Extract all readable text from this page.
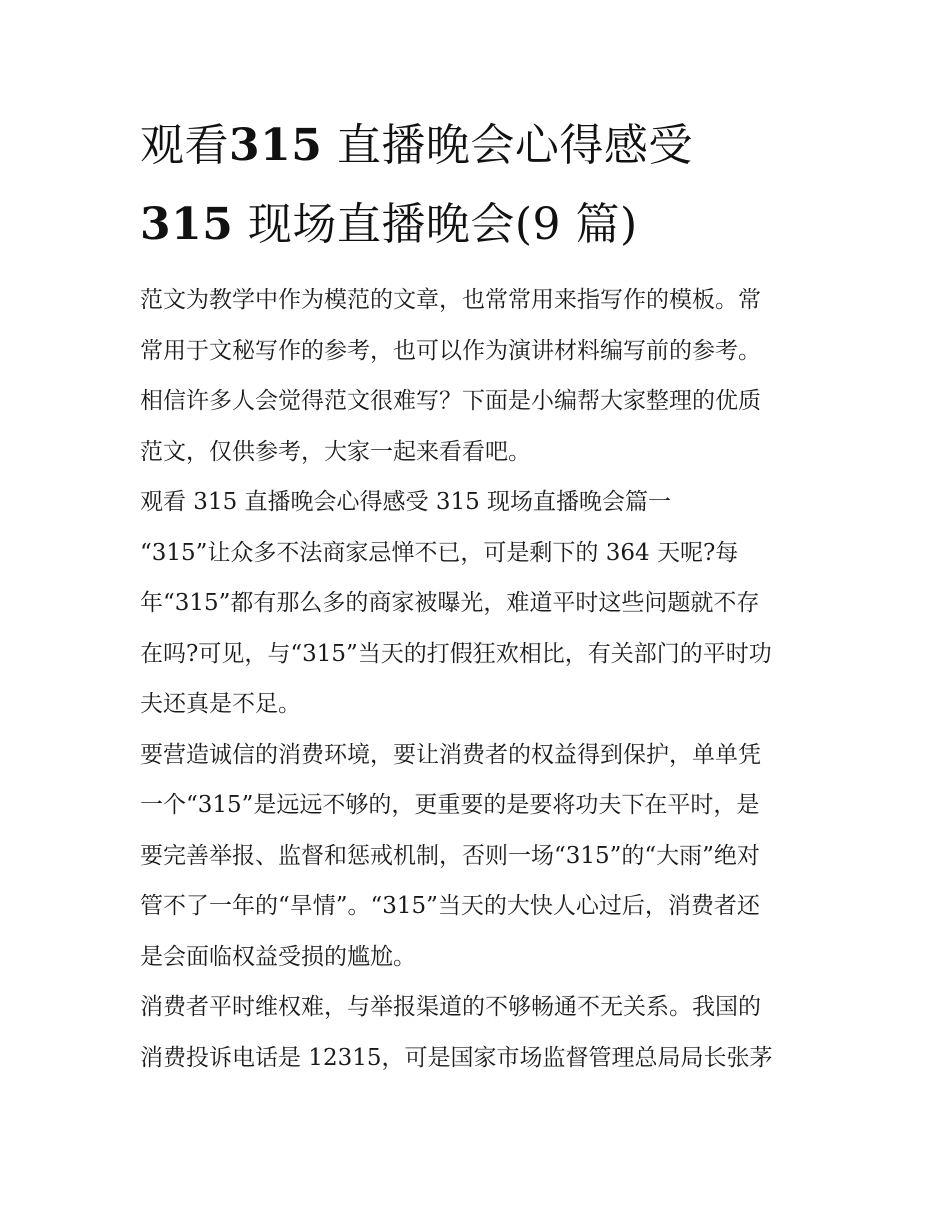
观看315 直播晚会心得感受
315 现场直播晚会(9 篇)
范文为教学中作为模范的文章，也常常用来指写作的模板。常
常用于文秘写作的参考，也可以作为演讲材料编写前的参考。
相信许多人会觉得范文很难写？下面是小编帮大家整理的优质
范文，仅供参考，大家一起来看看吧。
观看 315 直播晚会心得感受 315 现场直播晚会篇一
“315”让众多不法商家忌惮不已，可是剩下的 364 天呢?每
年“315”都有那么多的商家被曝光，难道平时这些问题就不存
在吗?可见，与“315”当天的打假狂欢相比，有关部门的平时功
夫还真是不足。
要营造诚信的消费环境，要让消费者的权益得到保护，单单凭
一个“315”是远远不够的，更重要的是要将功夫下在平时，是
要完善举报、监督和惩戒机制，否则一场“315”的“大雨”绝对
管不了一年的“旱情”。“315”当天的大快人心过后，消费者还
是会面临权益受损的尴尬。
消费者平时维权难，与举报渠道的不够畅通不无关系。我国的
消费投诉电话是 12315，可是国家市场监督管理总局局长张茅
